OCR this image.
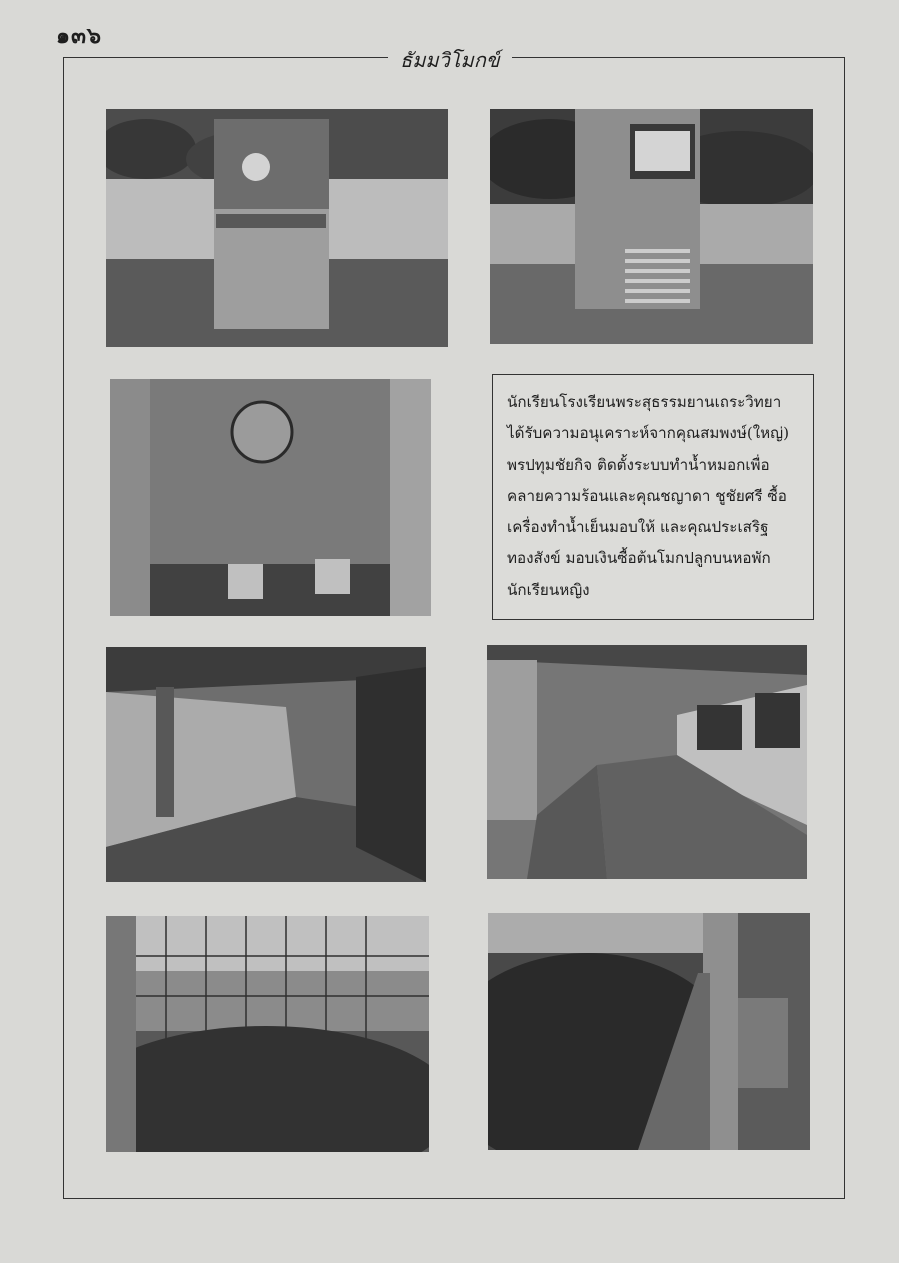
๑๓๖
ธัมมวิโมกข์
นักเรียนโรงเรียนพระสุธรรมยานเถระวิทยา
ได้รับความอนุเคราะห์จากคุณสมพงษ์(ใหญ่)
พรปทุมชัยกิจ ติดตั้งระบบทำน้ำหมอกเพื่อ
คลายความร้อนและคุณชญาดา ชูชัยศรี ซื้อ
เครื่องทำน้ำเย็นมอบให้ และคุณประเสริฐ
ทองสังข์ มอบเงินซื้อต้นโมกปลูกบนหอพัก
นักเรียนหญิง
